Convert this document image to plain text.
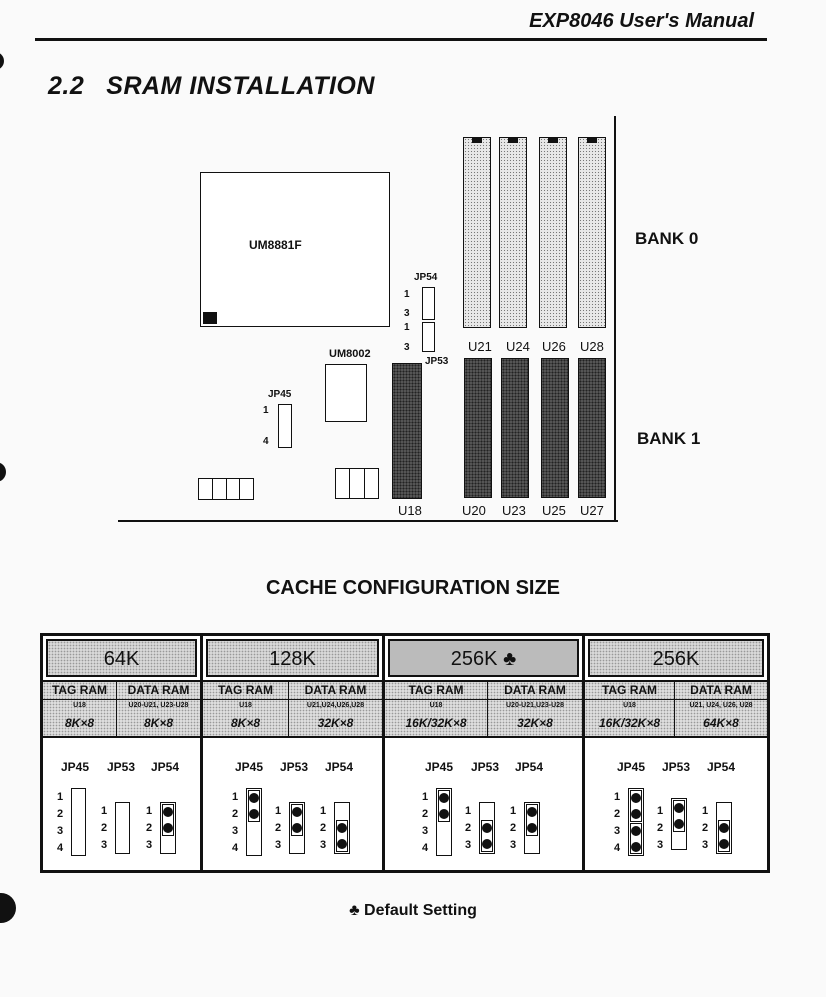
EXP8046 User's Manual
2.2 SRAM INSTALLATION
UM8881F
UM8002
JP54
1
3
1
3
JP53
JP45
1
4
U21 U24 U26 U28
BANK 0
U18	U20 U23 U25 U27
BANK 1
CACHE CONFIGURATION SIZE
64K
TAG RAM
U18
8K×8
DATA RAM
U20-U21, U23-U28
8K×8
JP45 JP53 JP54
1
2
3
4
1
2
3
1
2
3
128K
TAG RAM
U18
8K×8
DATA RAM
U21,U24,U26,U28
32K×8
JP45 JP53 JP54
1
2
3
4
1
2
3
1
2
3
256K ♣
TAG RAM
U18
16K/32K×8
DATA RAM
U20-U21,U23-U28
32K×8
JP45 JP53 JP54
1
2
3
4
1
2
3
1
2
3
256K
TAG RAM
U18
16K/32K×8
DATA RAM
U21, U24, U26, U28
64K×8
JP45 JP53 JP54
1
2
3
4
1
2
3
1
2
3
♣ Default Setting
